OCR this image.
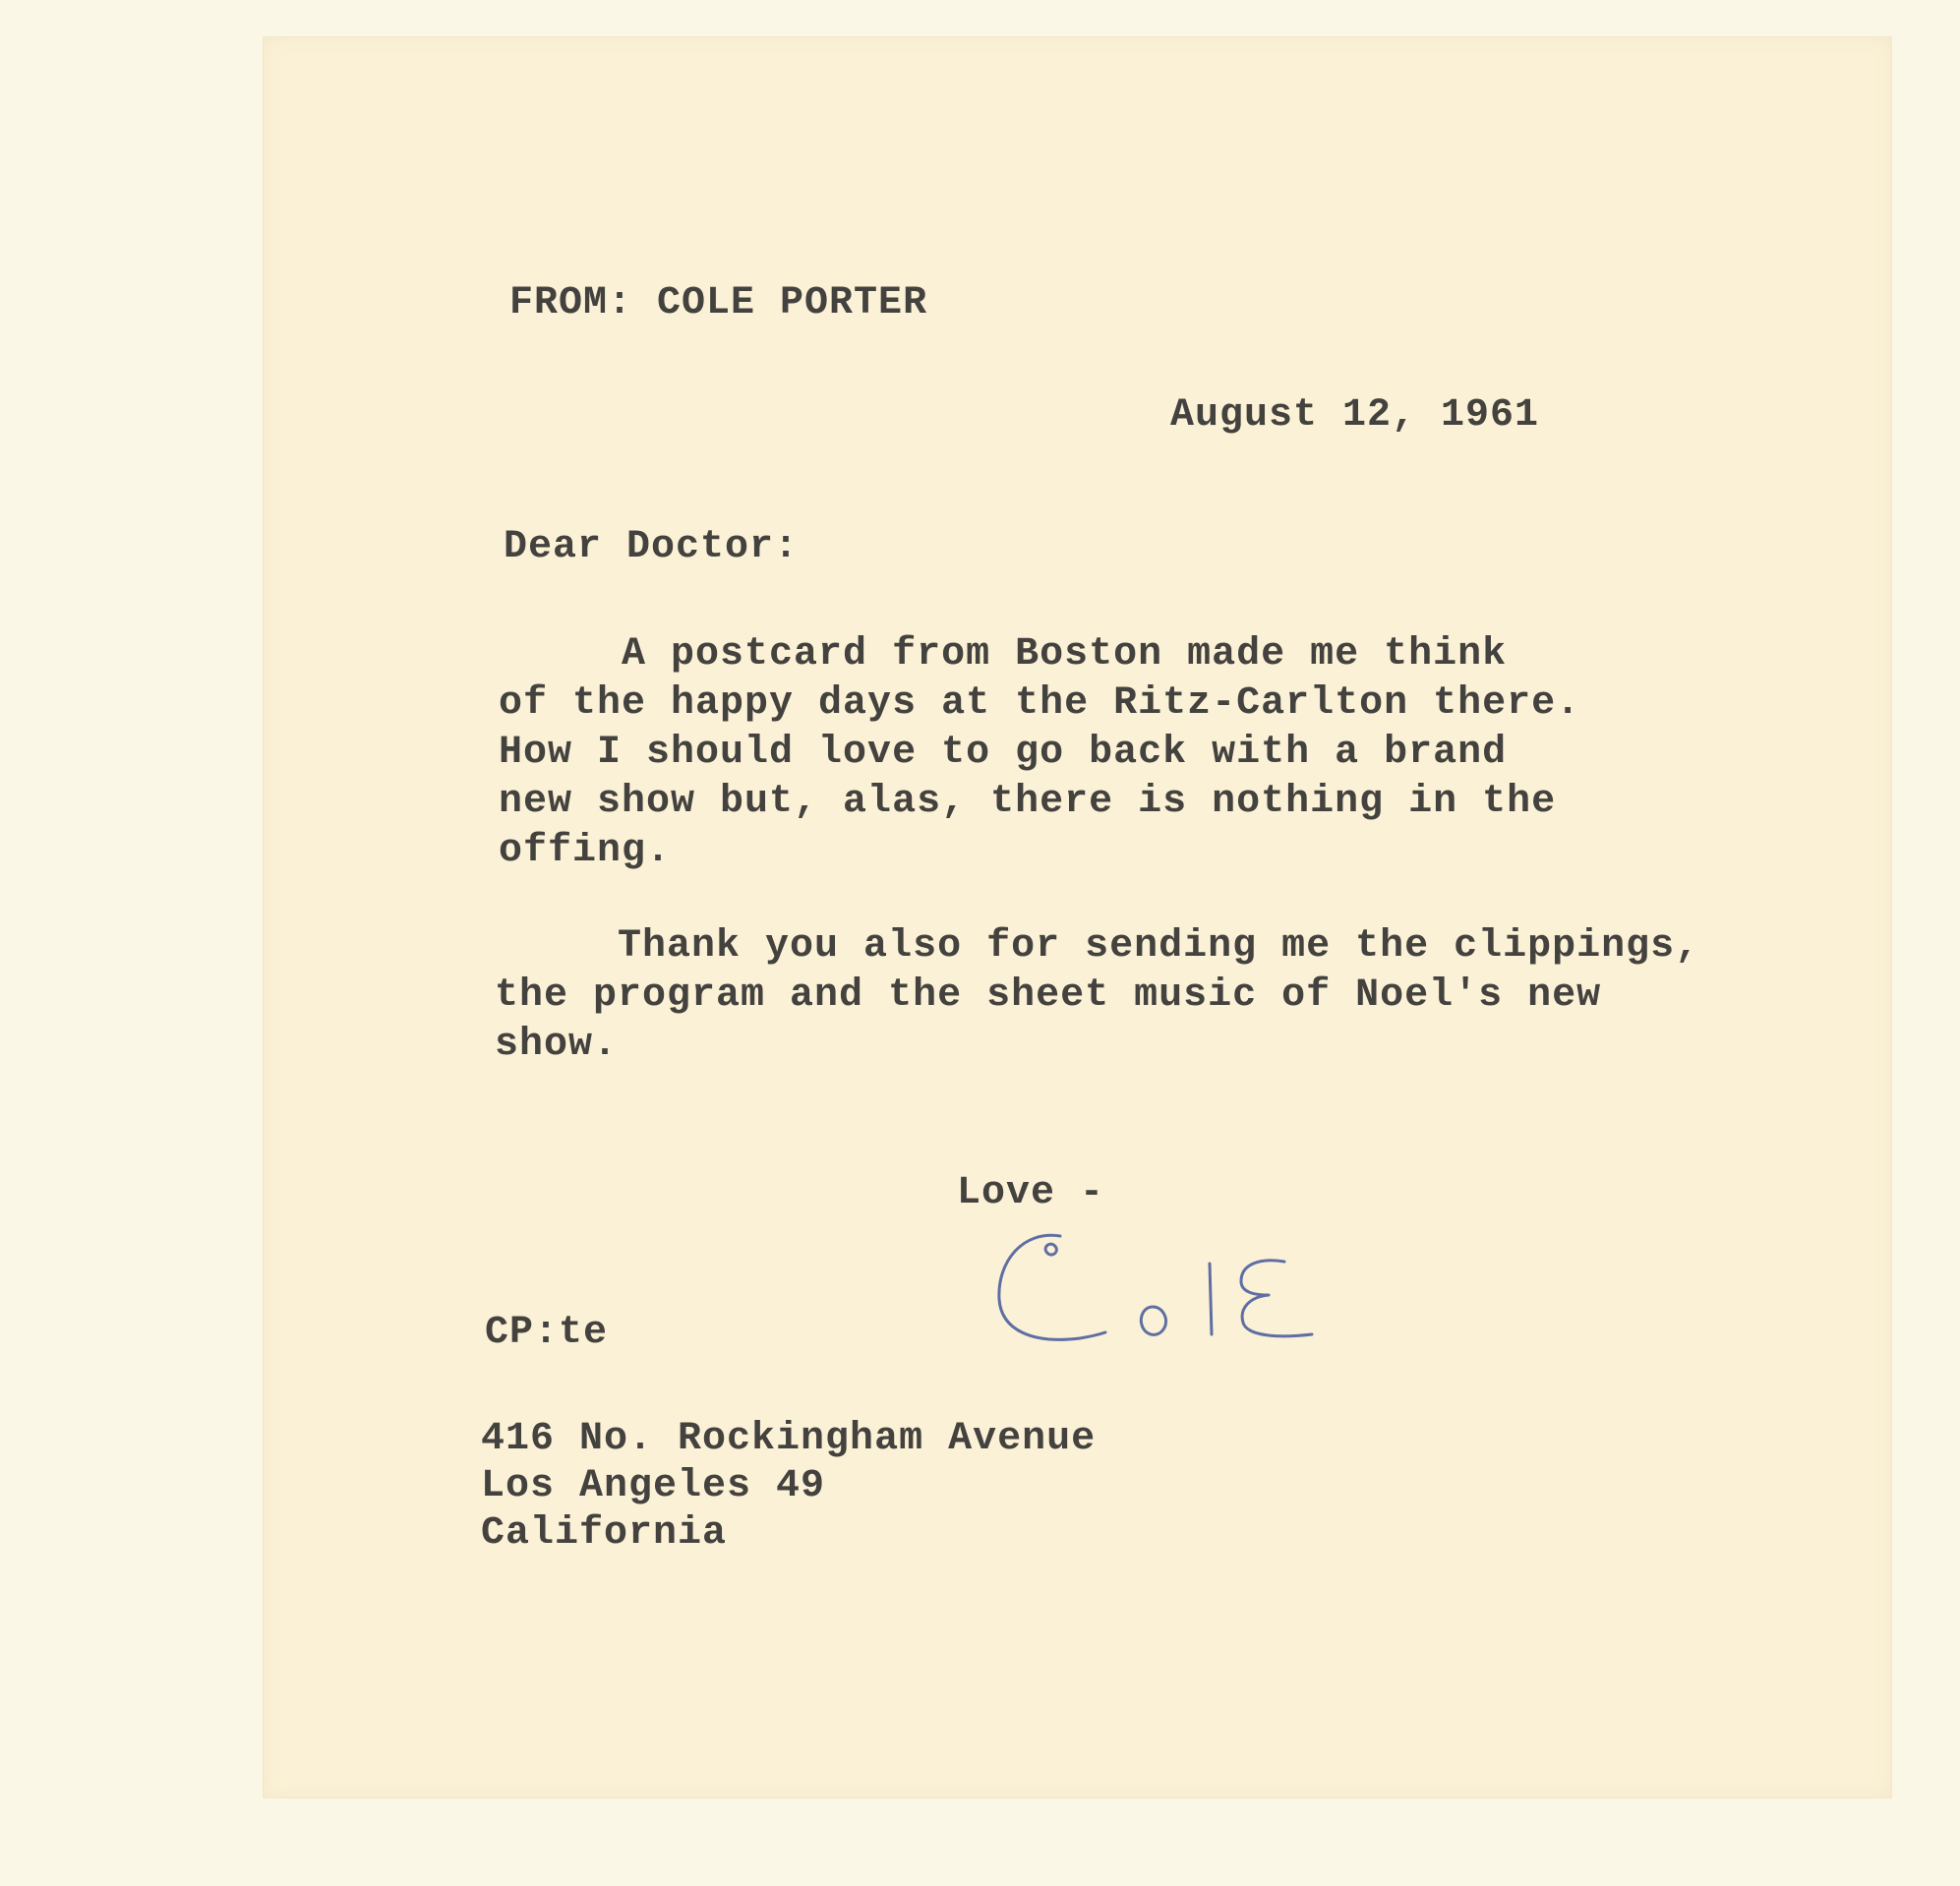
FROM: COLE PORTER
August 12, 1961
Dear Doctor:
A postcard from Boston made me think
of the happy days at the Ritz-Carlton there.
How I should love to go back with a brand
new show but, alas, there is nothing in the
offing.
Thank you also for sending me the clippings,
the program and the sheet music of Noel's new
show.
Love -
CP:te
416 No. Rockingham Avenue
Los Angeles 49
California
